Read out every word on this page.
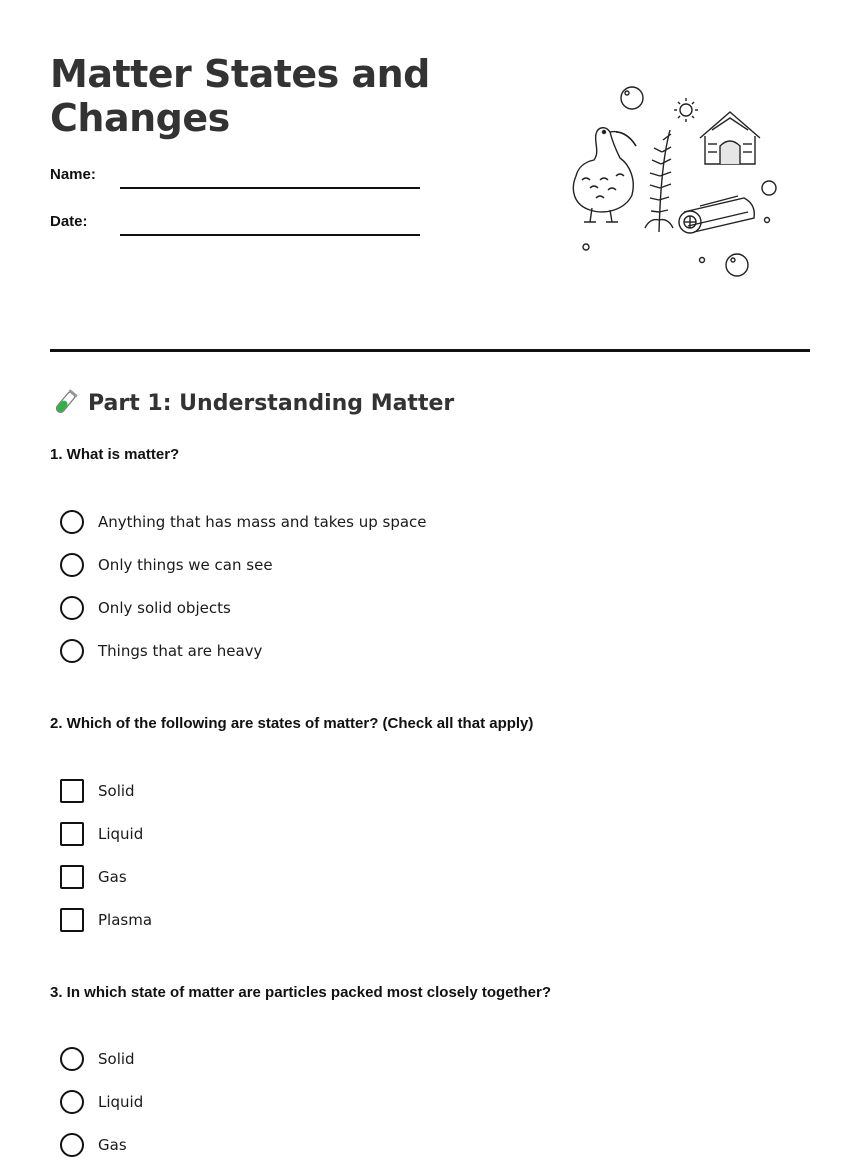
Matter States and Changes
Name:
Date:
Part 1: Understanding Matter
1. What is matter?
Anything that has mass and takes up space
Only things we can see
Only solid objects
Things that are heavy
2. Which of the following are states of matter? (Check all that apply)
Solid
Liquid
Gas
Plasma
3. In which state of matter are particles packed most closely together?
Solid
Liquid
Gas
